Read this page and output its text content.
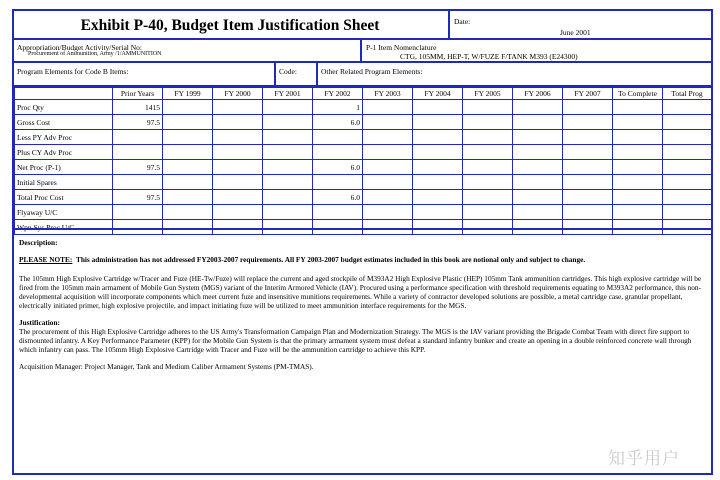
Exhibit P-40, Budget Item Justification Sheet	Date:
June 2001
Appropriation/Budget Activity/Serial No:
Procurement of Ammunition, Army /1/AMMUNITION
P-1 Item Nomenclature
CTG, 105MM, HEP-T, W/FUZE F/TANK M393 (E24300)
Program Elements for Code B Items:	Code:	Other Related Program Elements:
	Prior Years	FY 1999	FY 2000	FY 2001	FY 2002	FY 2003	FY 2004	FY 2005	FY 2006	FY 2007	To Complete	Total Prog
Proc Qty	1415				1							
Gross Cost	97.5				6.0							
Less PY Adv Proc												
Plus CY Adv Proc												
Net Proc (P-1)	97.5				6.0							
Initial Spares												
Total Proc Cost	97.5				6.0							
Flyaway U/C												
Wpn Sys Proc U/C												

Description:

PLEASE NOTE: This administration has not addressed FY2003-2007 requirements. All FY 2003-2007 budget estimates included in this book are notional only and subject to change.

The 105mm High Explosive Cartridge w/Tracer and Fuze (HE-Tw/Fuze) will replace the current and aged stockpile of M393A2 High Explosive Plastic (HEP) 105mm Tank ammunition cartridges. This high explosive cartridge will be fired from the 105mm main armament of Mobile Gun System (MGS) variant of the Interim Armored Vehicle (IAV). Procured using a performance specification with threshold requirements equating to M393A2 performance, this non-developmental acquisition will incorporate components which meet current fuze and insensitive munitions requirements. While a variety of contractor developed solutions are possible, a metal cartridge case, granular propellant, electrically initiated primer, high explosive projectile, and impact initiating fuze will be utilized to meet ammunition interface requirements for the MGS.

Justification:

The procurement of this High Explosive Cartridge adheres to the US Army's Transformation Campaign Plan and Modernization Strategy. The MGS is the IAV variant providing the Brigade Combat Team with direct fire support to dismounted infantry. A Key Performance Parameter (KPP) for the Mobile Gun System is that the primary armament system must defeat a standard infantry bunker and create an opening in a double reinforced concrete wall through which infantry can pass. The 105mm High Explosive Cartridge with Tracer and Fuze will be the ammunition cartridge to achieve this KPP.

Acquisition Manager: Project Manager, Tank and Medium Caliber Armament Systems (PM-TMAS).

知乎用户
